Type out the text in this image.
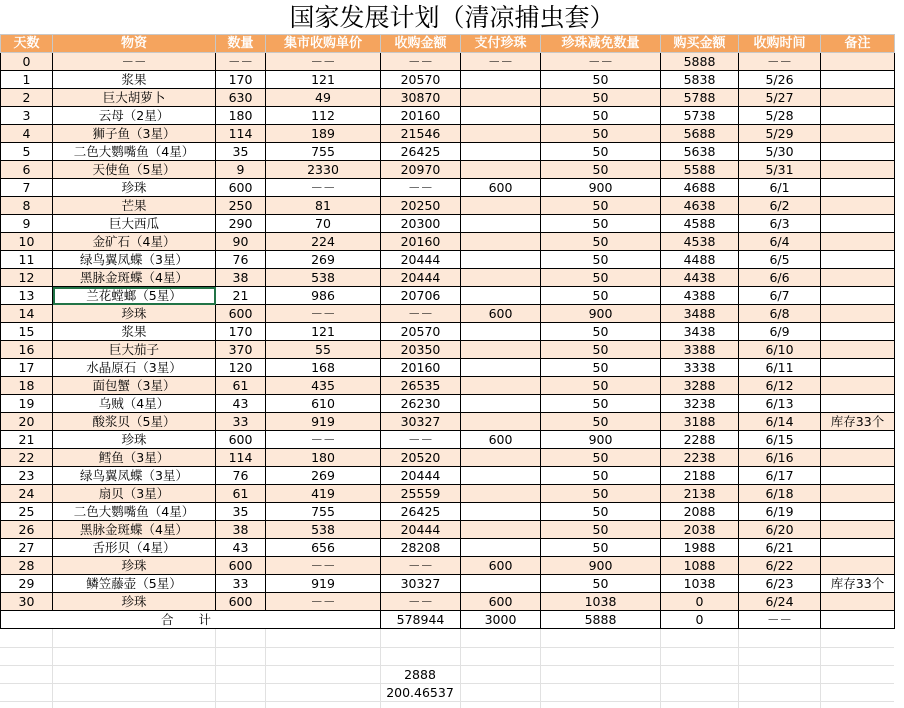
国家发展计划（清凉捕虫套）
天数	物资	数量	集市收购单价	收购金额	支付珍珠	珍珠减免数量	购买金额	收购时间	备注
0	－－	－－	－－	－－	－－	－－	5888	－－	
1	浆果	170	121	20570		50	5838	5/26	
2	巨大胡萝卜	630	49	30870		50	5788	5/27	
3	云母（2星）	180	112	20160		50	5738	5/28	
4	狮子鱼（3星）	114	189	21546		50	5688	5/29	
5	二色大鹦嘴鱼（4星）	35	755	26425		50	5638	5/30	
6	天使鱼（5星）	9	2330	20970		50	5588	5/31	
7	珍珠	600	－－	－－	600	900	4688	6/1	
8	芒果	250	81	20250		50	4638	6/2	
9	巨大西瓜	290	70	20300		50	4588	6/3	
10	金矿石（4星）	90	224	20160		50	4538	6/4	
11	绿鸟翼凤蝶（3星）	76	269	20444		50	4488	6/5	
12	黑脉金斑蝶（4星）	38	538	20444		50	4438	6/6	
13	兰花螳螂（5星）	21	986	20706		50	4388	6/7	
14	珍珠	600	－－	－－	600	900	3488	6/8	
15	浆果	170	121	20570		50	3438	6/9	
16	巨大茄子	370	55	20350		50	3388	6/10	
17	水晶原石（3星）	120	168	20160		50	3338	6/11	
18	面包蟹（3星）	61	435	26535		50	3288	6/12	
19	乌贼（4星）	43	610	26230		50	3238	6/13	
20	酸浆贝（5星）	33	919	30327		50	3188	6/14	库存33个
21	珍珠	600	－－	－－	600	900	2288	6/15	
22	鳕鱼（3星）	114	180	20520		50	2238	6/16	
23	绿鸟翼凤蝶（3星）	76	269	20444		50	2188	6/17	
24	扇贝（3星）	61	419	25559		50	2138	6/18	
25	二色大鹦嘴鱼（4星）	35	755	26425		50	2088	6/19	
26	黑脉金斑蝶（4星）	38	538	20444		50	2038	6/20	
27	舌形贝（4星）	43	656	28208		50	1988	6/21	
28	珍珠	600	－－	－－	600	900	1088	6/22	
29	鳞笠藤壶（5星）	33	919	30327		50	1038	6/23	库存33个
30	珍珠	600	－－	－－	600	1038	0	6/24	
合　　计				578944	3000	5888	0	－－	
2888
200.46537
